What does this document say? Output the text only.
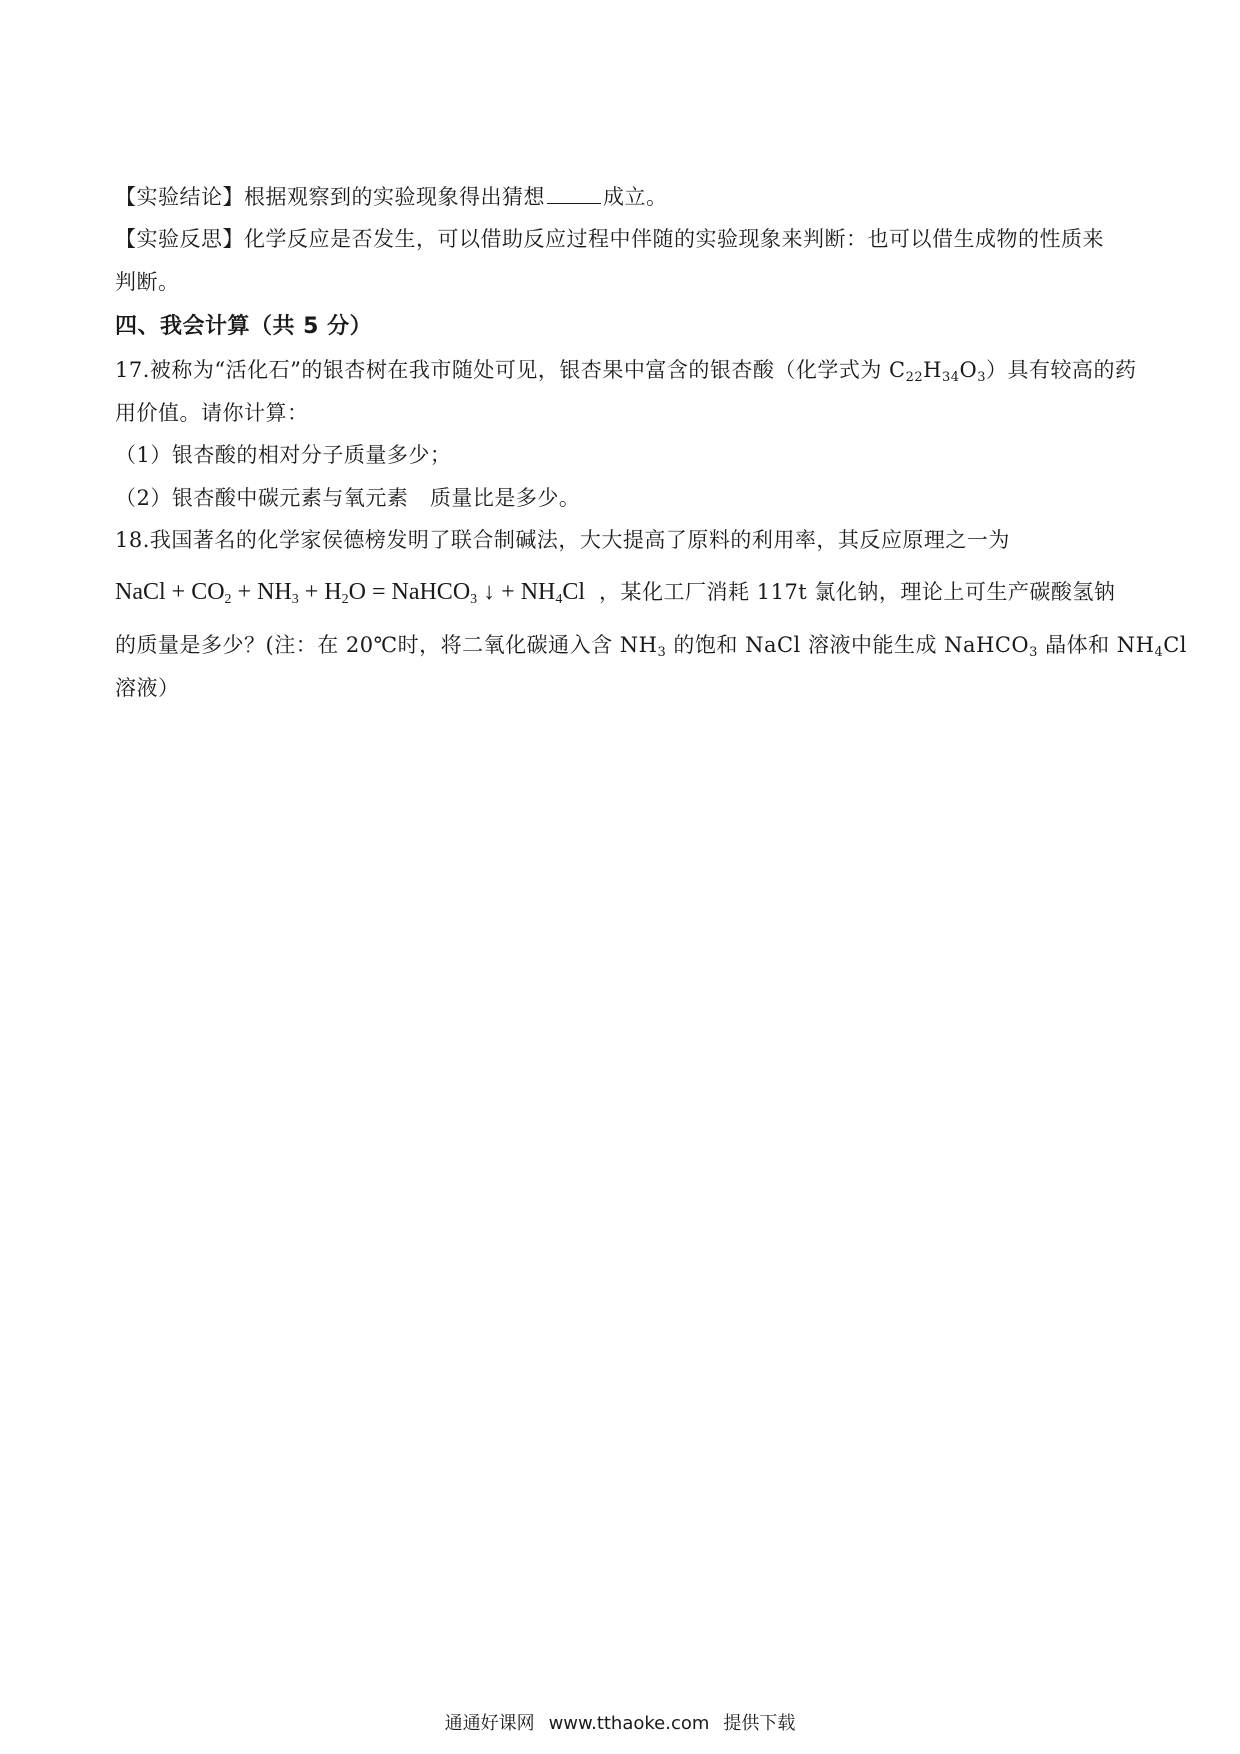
【实验结论】根据观察到的实验现象得出猜想	成立。
【实验反思】化学反应是否发生，可以借助反应过程中伴随的实验现象来判断：也可以借生成物的性质来
判断。
四、我会计算（共 5 分）
17.被称为“活化石”的银杏树在我市随处可见，银杏果中富含的银杏酸（化学式为 $C_{22}H_{34}O_3$）具有较高的药
用价值。请你计算：
（1）银杏酸的相对分子质量多少；
（2）银杏酸中碳元素与氧元素　质量比是多少。
18.我国著名的化学家侯德榜发明了联合制碱法，大大提高了原料的利用率，其反应原理之一为
NaCl + $CO_2 + NH_3 + H_2O$ = NaHCO$_3$ ↓ + $NH_4Cl$ ，某化工厂消耗 117t 氯化钠，理论上可生产碳酸氢钠
的质量是多少？(注：在 20℃时，将二氧化碳通入含 $NH_3$ 的饱和 NaCl 溶液中能生成 NaHCO$_3$ 晶体和 $NH_4Cl$
溶液）
通通好课网 www.tthaoke.com 提供下载
